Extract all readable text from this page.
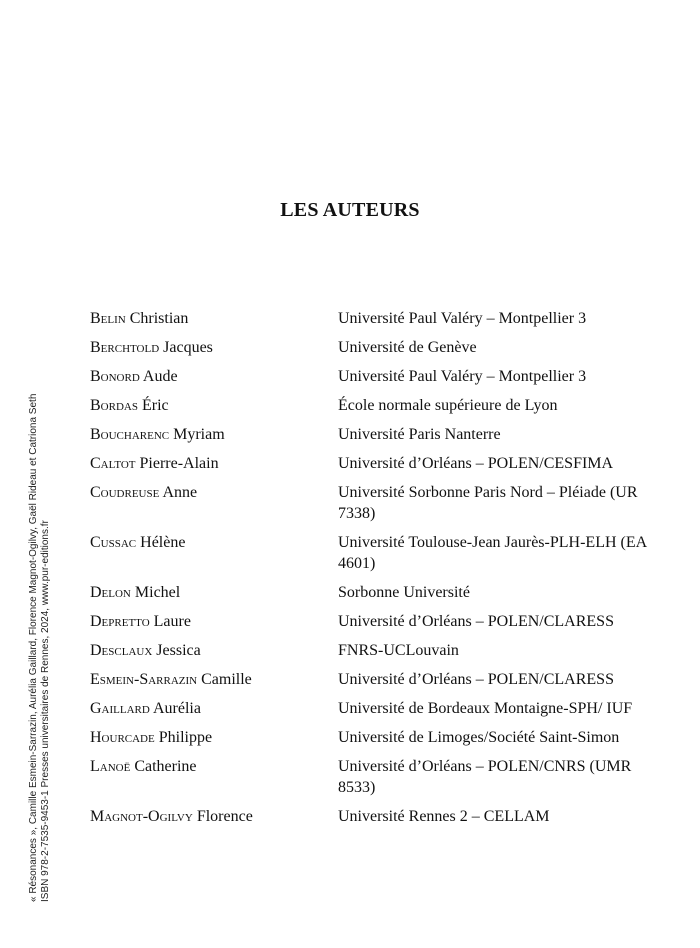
LES AUTEURS
Belin Christian	Université Paul Valéry – Montpellier 3
Berchtold Jacques	Université de Genève
Bonord Aude	Université Paul Valéry – Montpellier 3
Bordas Éric	École normale supérieure de Lyon
Boucharenc Myriam	Université Paris Nanterre
Caltot Pierre-Alain	Université d’Orléans – POLEN/CESFIMA
Coudreuse Anne	Université Sorbonne Paris Nord – Pléiade (UR 7338)
Cussac Hélène	Université Toulouse-Jean Jaurès-PLH-ELH (EA 4601)
Delon Michel	Sorbonne Université
Depretto Laure	Université d’Orléans – POLEN/CLARESS
Desclaux Jessica	FNRS-UCLouvain
Esmein-Sarrazin Camille	Université d’Orléans – POLEN/CLARESS
Gaillard Aurélia	Université de Bordeaux Montaigne-SPH/ IUF
Hourcade Philippe	Université de Limoges/Société Saint-Simon
Lanoë Catherine	Université d’Orléans – POLEN/CNRS (UMR 8533)
Magnot-Ogilvy Florence	Université Rennes 2 – CELLAM
« Résonances », Camille Esmein-Sarrazin, Aurélia Gaillard, Florence Magnot-Ogilvy, Gaël Rideau et Catriona Seth ISBN 978-2-7535-9453-1 Presses universitaires de Rennes, 2024, www.pur-editions.fr
